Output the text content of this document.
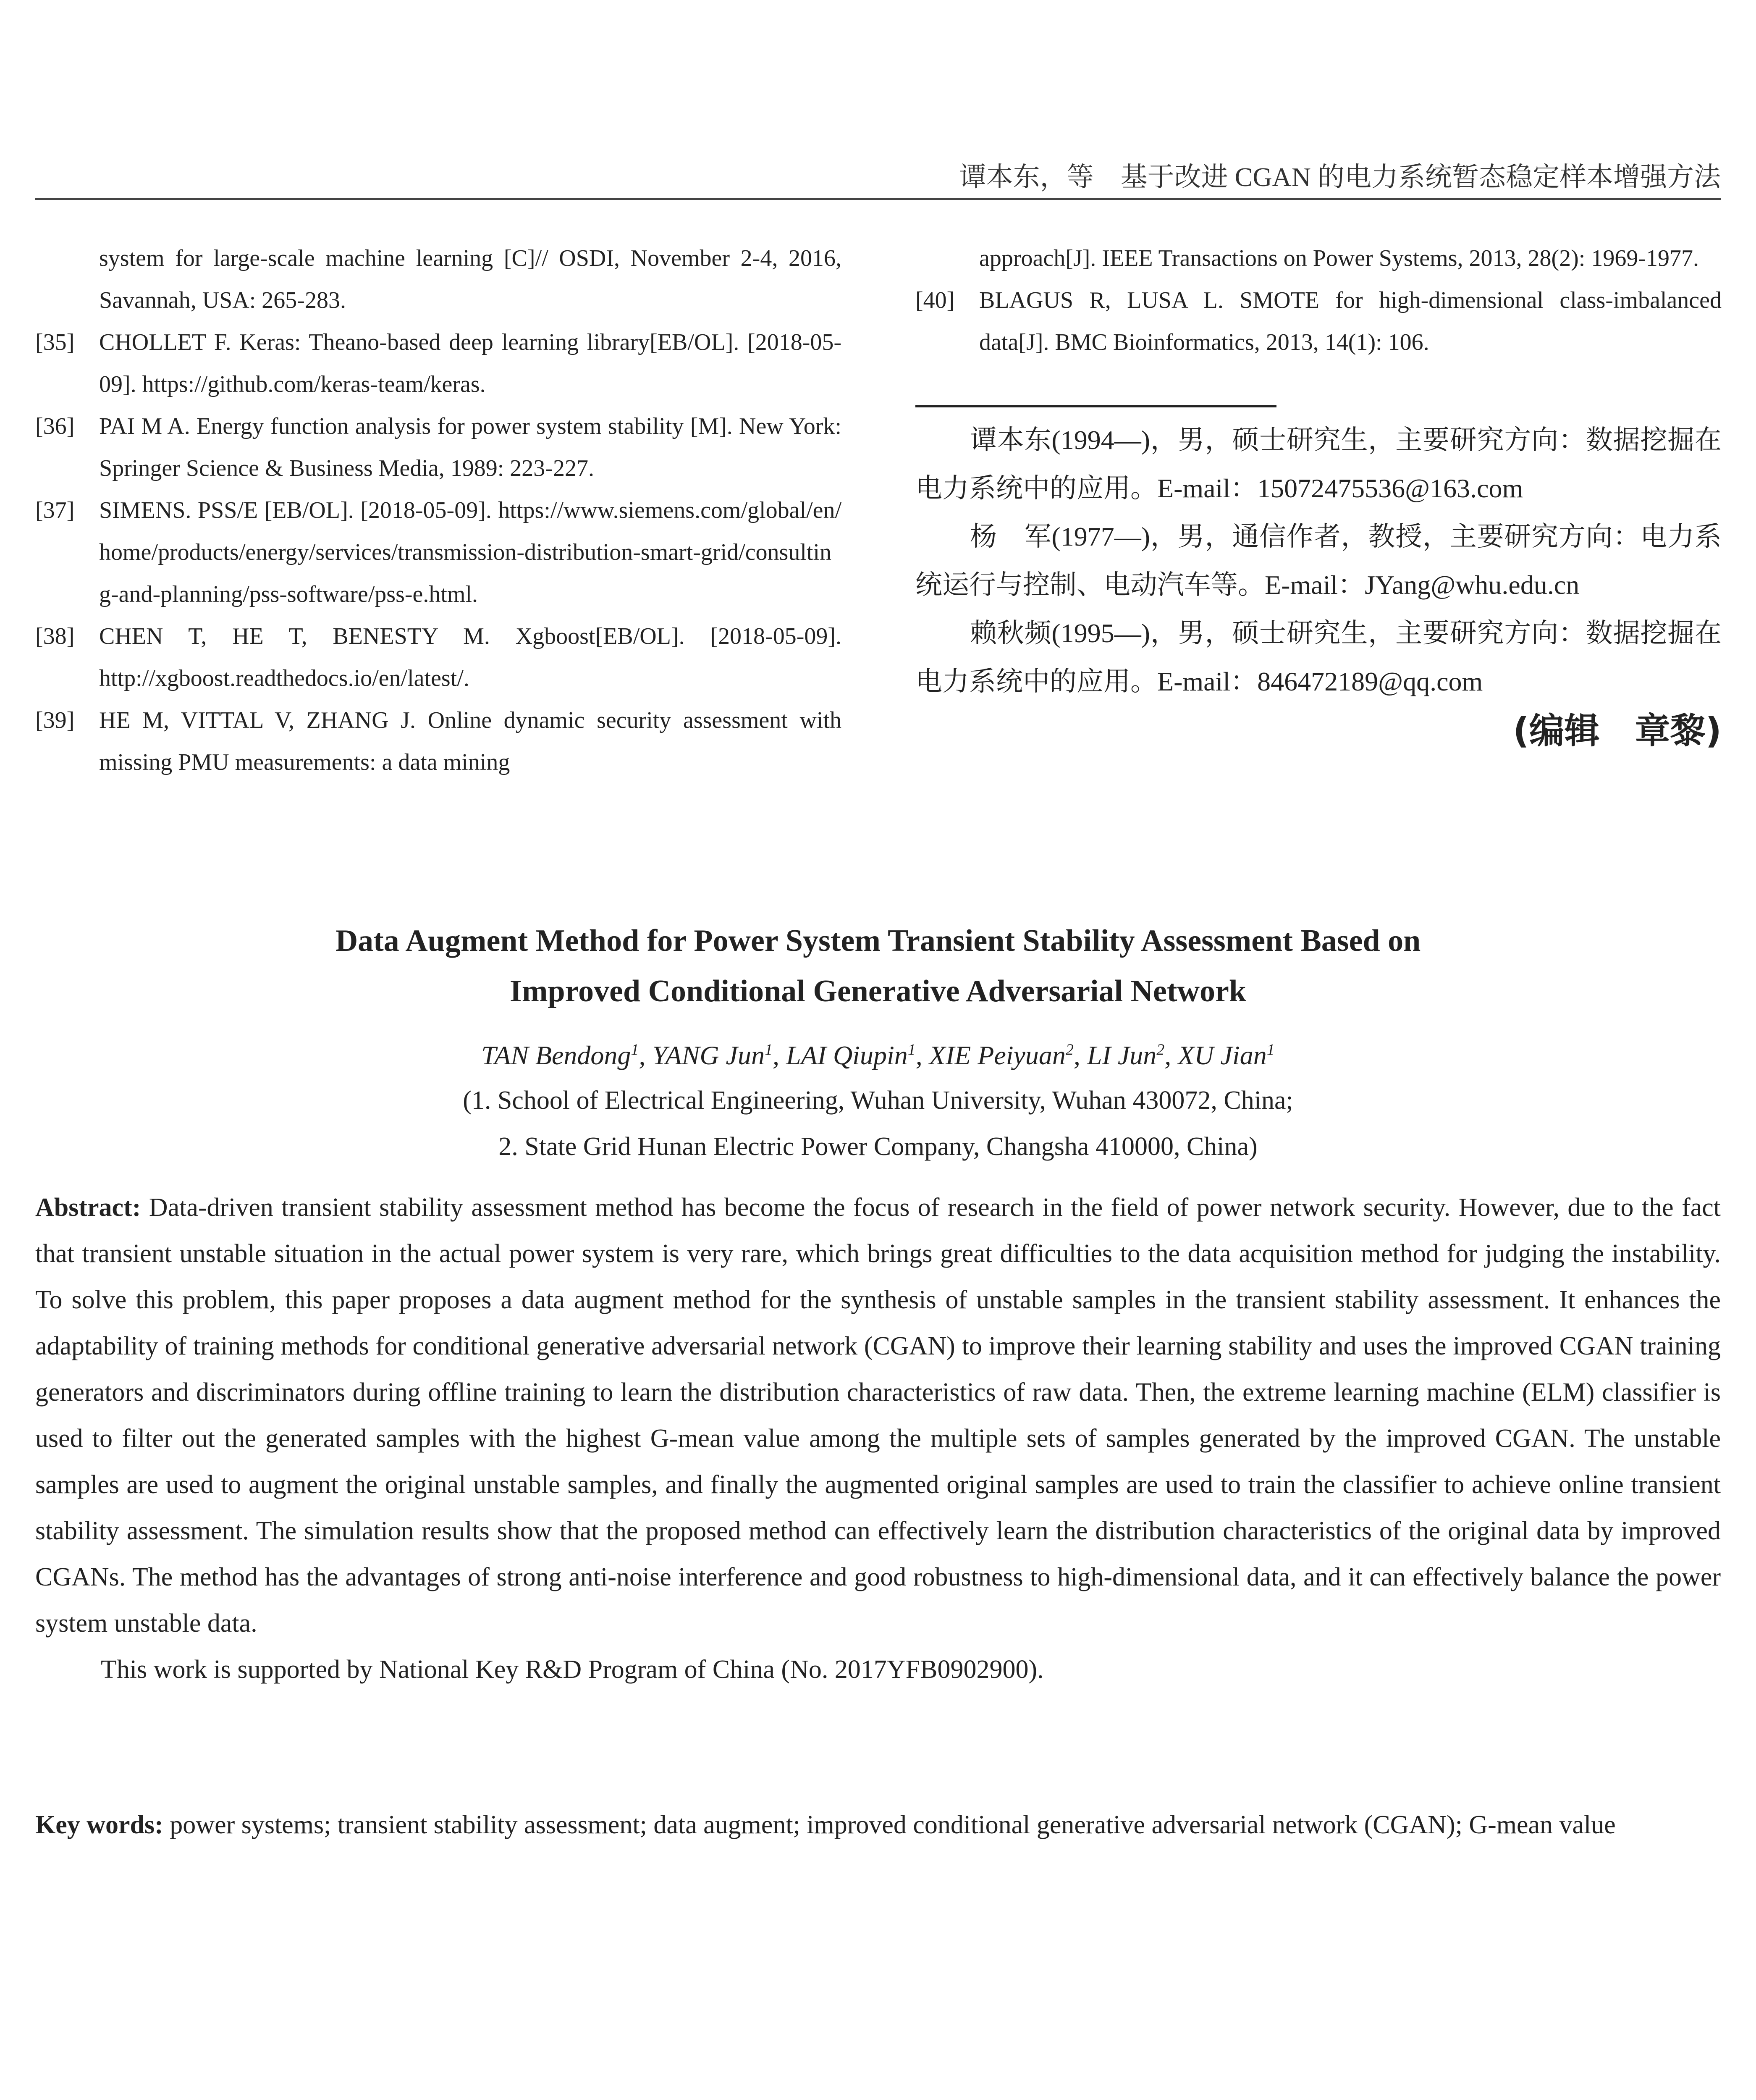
谭本东，等　基于改进 CGAN 的电力系统暂态稳定样本增强方法
system for large-scale machine learning [C]// OSDI, November 2-4, 2016, Savannah, USA: 265-283.
[35] CHOLLET F. Keras: Theano-based deep learning library[EB/OL]. [2018-05-09]. https://github.com/keras-team/keras.
[36] PAI M A. Energy function analysis for power system stability [M]. New York: Springer Science & Business Media, 1989: 223-227.
[37] SIMENS. PSS/E [EB/OL]. [2018-05-09]. https://www.siemens.com/global/en/home/products/energy/services/transmission-distribution-smart-grid/consulting-and-planning/pss-software/pss-e.html.
[38] CHEN T, HE T, BENESTY M. Xgboost[EB/OL]. [2018-05-09]. http://xgboost.readthedocs.io/en/latest/.
[39] HE M, VITTAL V, ZHANG J. Online dynamic security assessment with missing PMU measurements: a data mining
approach[J]. IEEE Transactions on Power Systems, 2013, 28(2): 1969-1977.
[40] BLAGUS R, LUSA L. SMOTE for high-dimensional class-imbalanced data[J]. BMC Bioinformatics, 2013, 14(1): 106.
谭本东(1994—)，男，硕士研究生，主要研究方向：数据挖掘在电力系统中的应用。E-mail：15072475536@163.com
杨　军(1977—)，男，通信作者，教授，主要研究方向：电力系统运行与控制、电动汽车等。E-mail：JYang@whu.edu.cn
赖秋频(1995—)，男，硕士研究生，主要研究方向：数据挖掘在电力系统中的应用。E-mail：846472189@qq.com
(编辑　章黎)
Data Augment Method for Power System Transient Stability Assessment Based on
Improved Conditional Generative Adversarial Network
TAN Bendong$^1$, YANG Jun$^1$, LAI Qiupin$^1$, XIE Peiyuan$^2$, LI Jun$^2$, XU Jian$^1$
(1. School of Electrical Engineering, Wuhan University, Wuhan 430072, China;
2. State Grid Hunan Electric Power Company, Changsha 410000, China)

Abstract: Data-driven transient stability assessment method has become the focus of research in the field of power network security. However, due to the fact that transient unstable situation in the actual power system is very rare, which brings great difficulties to the data acquisition method for judging the instability. To solve this problem, this paper proposes a data augment method for the synthesis of unstable samples in the transient stability assessment. It enhances the adaptability of training methods for conditional generative adversarial network (CGAN) to improve their learning stability and uses the improved CGAN training generators and discriminators during offline training to learn the distribution characteristics of raw data. Then, the extreme learning machine (ELM) classifier is used to filter out the generated samples with the highest G-mean value among the multiple sets of samples generated by the improved CGAN. The unstable samples are used to augment the original unstable samples, and finally the augmented original samples are used to train the classifier to achieve online transient stability assessment. The simulation results show that the proposed method can effectively learn the distribution characteristics of the original data by improved CGANs. The method has the advantages of strong anti-noise interference and good robustness to high-dimensional data, and it can effectively balance the power system unstable data.

This work is supported by National Key R&D Program of China (No. 2017YFB0902900).

Key words: power systems; transient stability assessment; data augment; improved conditional generative adversarial network (CGAN); G-mean value
